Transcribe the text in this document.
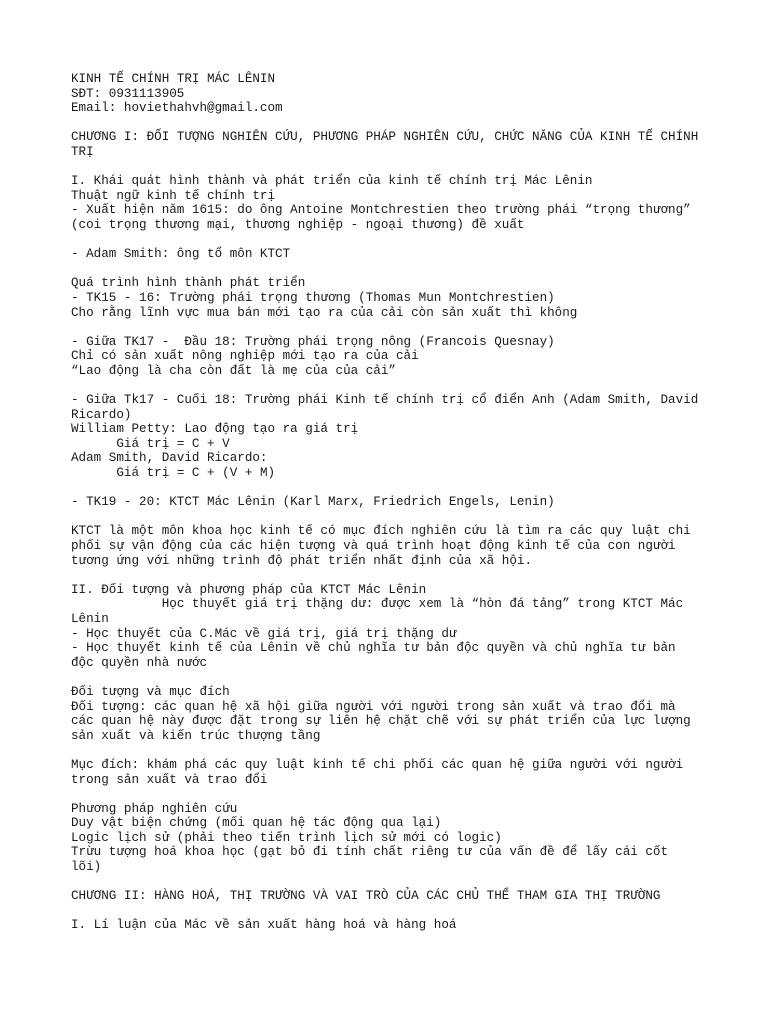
KINH TẾ CHÍNH TRỊ MÁC LÊNIN
SĐT: 0931113905
Email: hoviethahvh@gmail.com
CHƯƠNG I: ĐỐI TƯỢNG NGHIÊN CỨU, PHƯƠNG PHÁP NGHIÊN CỨU, CHỨC NĂNG CỦA KINH TẾ CHÍNH
TRỊ
I. Khái quát hình thành và phát triển của kinh tế chính trị Mác Lênin
Thuật ngữ kinh tế chính trị
- Xuất hiện năm 1615: do ông Antoine Montchrestien theo trường phái “trọng thương”
(coi trọng thương mại, thương nghiệp - ngoại thương) đề xuất
- Adam Smith: ông tổ môn KTCT
Quá trình hình thành phát triển
- TK15 - 16: Trường phái trọng thương (Thomas Mun Montchrestien)
Cho rằng lĩnh vực mua bán mới tạo ra của cải còn sản xuất thì không
- Giữa TK17 -  Đầu 18: Trường phái trọng nông (Francois Quesnay)
Chỉ có sản xuất nông nghiệp mới tạo ra của cải
“Lao động là cha còn đất là mẹ của của cải”
- Giữa Tk17 - Cuối 18: Trường phái Kinh tế chính trị cổ điển Anh (Adam Smith, David
Ricardo)
William Petty: Lao động tạo ra giá trị
Giá trị = C + V
Adam Smith, David Ricardo:
Giá trị = C + (V + M)
- TK19 - 20: KTCT Mác Lênin (Karl Marx, Friedrich Engels, Lenin)
KTCT là một môn khoa học kinh tế có mục đích nghiên cứu là tìm ra các quy luật chi
phối sự vận động của các hiện tượng và quá trình hoạt động kinh tế của con người
tương ứng với những trình độ phát triển nhất định của xã hội.
II. Đối tượng và phương pháp của KTCT Mác Lênin
Học thuyết giá trị thặng dư: được xem là “hòn đá tảng” trong KTCT Mác
Lênin
- Học thuyết của C.Mác về giá trị, giá trị thặng dư
- Học thuyết kinh tế của Lênin về chủ nghĩa tư bản độc quyền và chủ nghĩa tư bản
độc quyền nhà nước
Đối tượng và mục đích
Đối tượng: các quan hệ xã hội giữa người với người trong sản xuất và trao đổi mà
các quan hệ này được đặt trong sự liên hệ chặt chẽ với sự phát triển của lực lượng
sản xuất và kiến trúc thượng tầng
Mục đích: khám phá các quy luật kinh tế chi phối các quan hệ giữa người với người
trong sản xuất và trao đổi
Phương pháp nghiên cứu
Duy vật biện chứng (mối quan hệ tác động qua lại)
Logic lịch sử (phải theo tiến trình lịch sử mới có logic)
Trừu tượng hoá khoa học (gạt bỏ đi tính chất riêng tư của vấn đề để lấy cái cốt
lõi)
CHƯƠNG II: HÀNG HOÁ, THỊ TRƯỜNG VÀ VAI TRÒ CỦA CÁC CHỦ THỂ THAM GIA THỊ TRƯỜNG
I. Lí luận của Mác về sản xuất hàng hoá và hàng hoá
